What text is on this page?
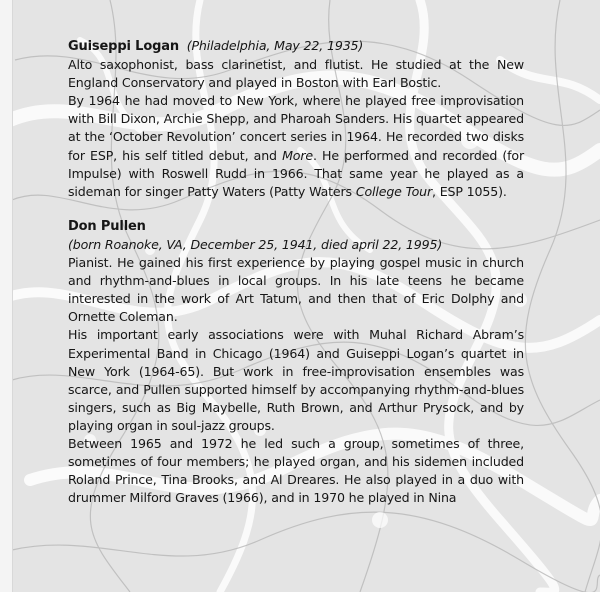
Guiseppi Logan (Philadelphia, May 22, 1935)

Alto saxophonist, bass clarinetist, and flutist. He studied at the New England Conservatory and played in Boston with Earl Bostic.

By 1964 he had moved to New York, where he played free improvisation with Bill Dixon, Archie Shepp, and Pharoah Sanders. His quartet appeared at the ‘October Revolution’ concert series in 1964. He recorded two disks for ESP, his self titled debut, and More. He performed and recorded (for Impulse) with Roswell Rudd in 1966. That same year he played as a sideman for singer Patty Waters (Patty Waters College Tour, ESP 1055).

Don Pullen

(born Roanoke, VA, December 25, 1941, died april 22, 1995)

Pianist. He gained his first experience by playing gospel music in church and rhythm-and-blues in local groups. In his late teens he became interested in the work of Art Tatum, and then that of Eric Dolphy and Ornette Coleman.

His important early associations were with Muhal Richard Abram’s Experimental Band in Chicago (1964) and Guiseppi Logan’s quartet in New York (1964-65). But work in free-improvisation ensembles was scarce, and Pullen supported himself by accompanying rhythm-and-blues singers, such as Big Maybelle, Ruth Brown, and Arthur Prysock, and by playing organ in soul-jazz groups.

Between 1965 and 1972 he led such a group, sometimes of three, sometimes of four members; he played organ, and his sidemen included Roland Prince, Tina Brooks, and Al Dreares. He also played in a duo with drummer Milford Graves (1966), and in 1970 he played in Nina
